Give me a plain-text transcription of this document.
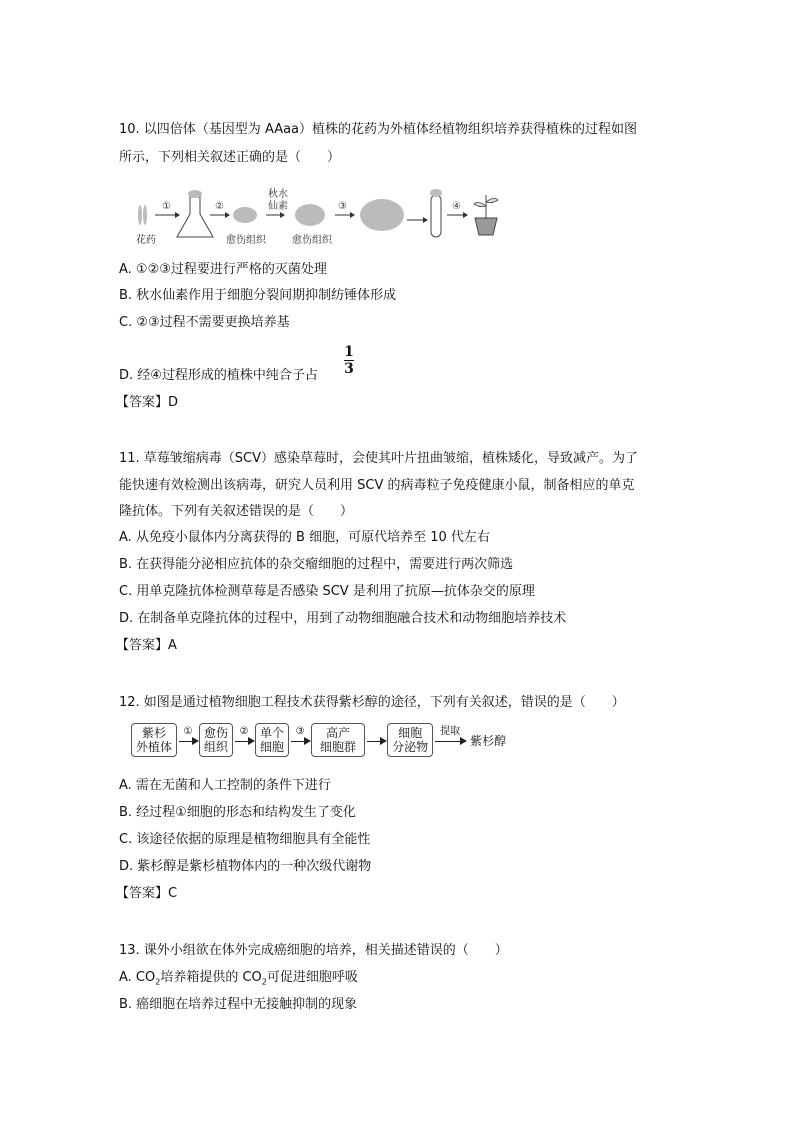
10. 以四倍体（基因型为 AAaa）植株的花药为外植体经植物组织培养获得植株的过程如图
所示，下列相关叙述正确的是（　　）
花药
①	②
愈伤组织
秋水
仙素
愈伤组织
③	④
A. ①②③过程要进行严格的灭菌处理
B. 秋水仙素作用于细胞分裂间期抑制纺锤体形成
C. ②③过程不需要更换培养基
D. 经④过程形成的植株中纯合子占
1
3
【答案】D
11. 草莓皱缩病毒（SCV）感染草莓时，会使其叶片扭曲皱缩，植株矮化，导致减产。为了
能快速有效检测出该病毒，研究人员利用 SCV 的病毒粒子免疫健康小鼠，制备相应的单克
隆抗体。下列有关叙述错误的是（　　）
A. 从免疫小鼠体内分离获得的 B 细胞，可原代培养至 10 代左右
B. 在获得能分泌相应抗体的杂交瘤细胞的过程中，需要进行两次筛选
C. 用单克隆抗体检测草莓是否感染 SCV 是利用了抗原—抗体杂交的原理
D. 在制备单克隆抗体的过程中，用到了动物细胞融合技术和动物细胞培养技术
【答案】A
12. 如图是通过植物细胞工程技术获得紫杉醇的途径，下列有关叙述，错误的是（　　）
紫杉
外植体
① 愈伤
组织
② 单个
细胞
③	高产
细胞群
细胞
分泌物
提取
紫杉醇
A. 需在无菌和人工控制的条件下进行
B. 经过程①细胞的形态和结构发生了变化
C. 该途径依据的原理是植物细胞具有全能性
D. 紫杉醇是紫杉植物体内的一种次级代谢物
【答案】C
13. 课外小组欲在体外完成癌细胞的培养，相关描述错误的（　　）
A. $CO_2$培养箱提供的 $CO_2$可促进细胞呼吸
B. 癌细胞在培养过程中无接触抑制的现象
